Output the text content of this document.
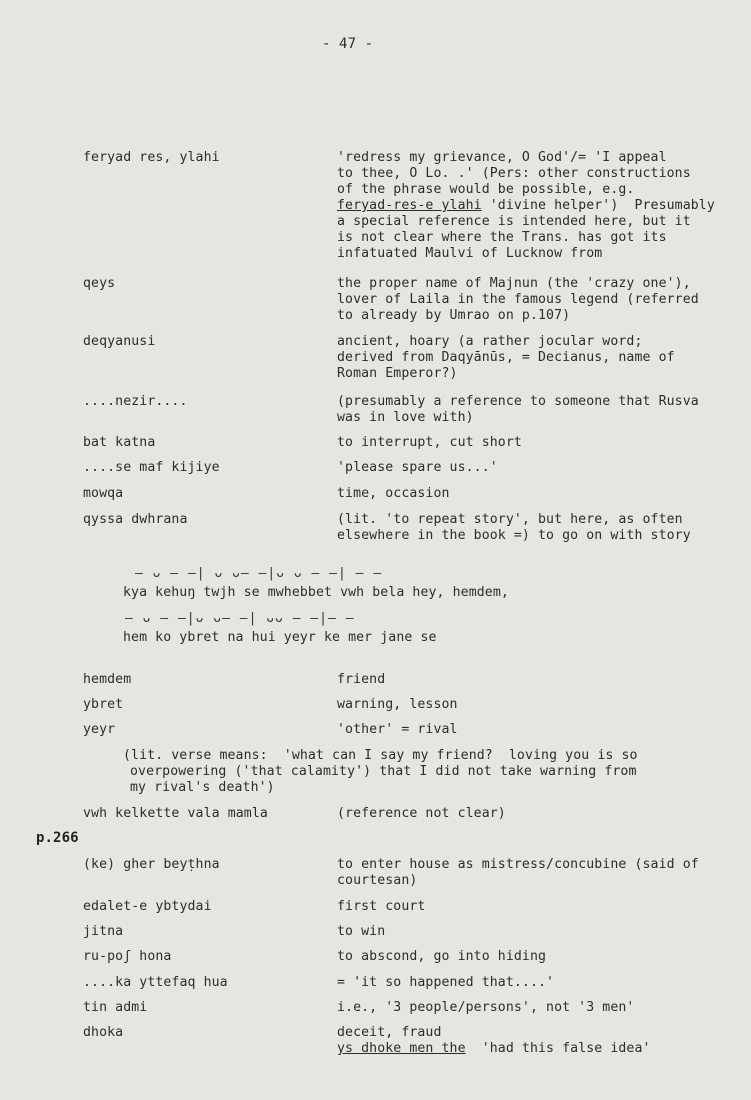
- 47 -
feryad res, ylahi	'redress my grievance, O God'/= 'I appeal
to thee, O Lo. .' (Pers: other constructions
of the phrase would be possible, e.g.
feryad-res-e ylahi 'divine helper')  Presumably
a special reference is intended here, but it
is not clear where the Trans. has got its
infatuated Maulvi of Lucknow from
qeys	the proper name of Majnun (the 'crazy one'),
lover of Laila in the famous legend (referred
to already by Umrao on p.107)
deqyanusi	ancient, hoary (a rather jocular word;
derived from Daqyānūs, = Decianus, name of
Roman Emperor?)
....nezir....	(presumably a reference to someone that Rusva
was in love with)
bat katna	to interrupt, cut short
....se maf kijiye	'please spare us...'
mowqa	time, occasion
qyssa dwhrana	(lit. 'to repeat story', but here, as often
elsewhere in the book =) to go on with story
— ᴗ — —| ᴗ ᴗ— —|ᴗ ᴗ — —| — —
kya kehuŋ twjh se mwhebbet vwh bela hey, hemdem,
— ᴗ — —|ᴗ ᴗ— —| ᴗᴗ — —|— —
hem ko ybret na hui yeyr ke mer jane se
hemdem	friend
ybret	warning, lesson
yeyr	'other' = rival
(lit. verse means:  'what can I say my friend?  loving you is so
overpowering ('that calamity') that I did not take warning from
my rival's death')
vwh kelkette vala mamla	(reference not clear)
p.266
(ke) gher beyṭhna	to enter house as mistress/concubine (said of
courtesan)
edalet-e ybtydai	first court
jitna	to win
ru-poʃ hona	to abscond, go into hiding
....ka yttefaq hua	= 'it so happened that....'
tin admi	i.e., '3 people/persons', not '3 men'
dhoka	deceit, fraud
ys dhoke men the  'had this false idea'
